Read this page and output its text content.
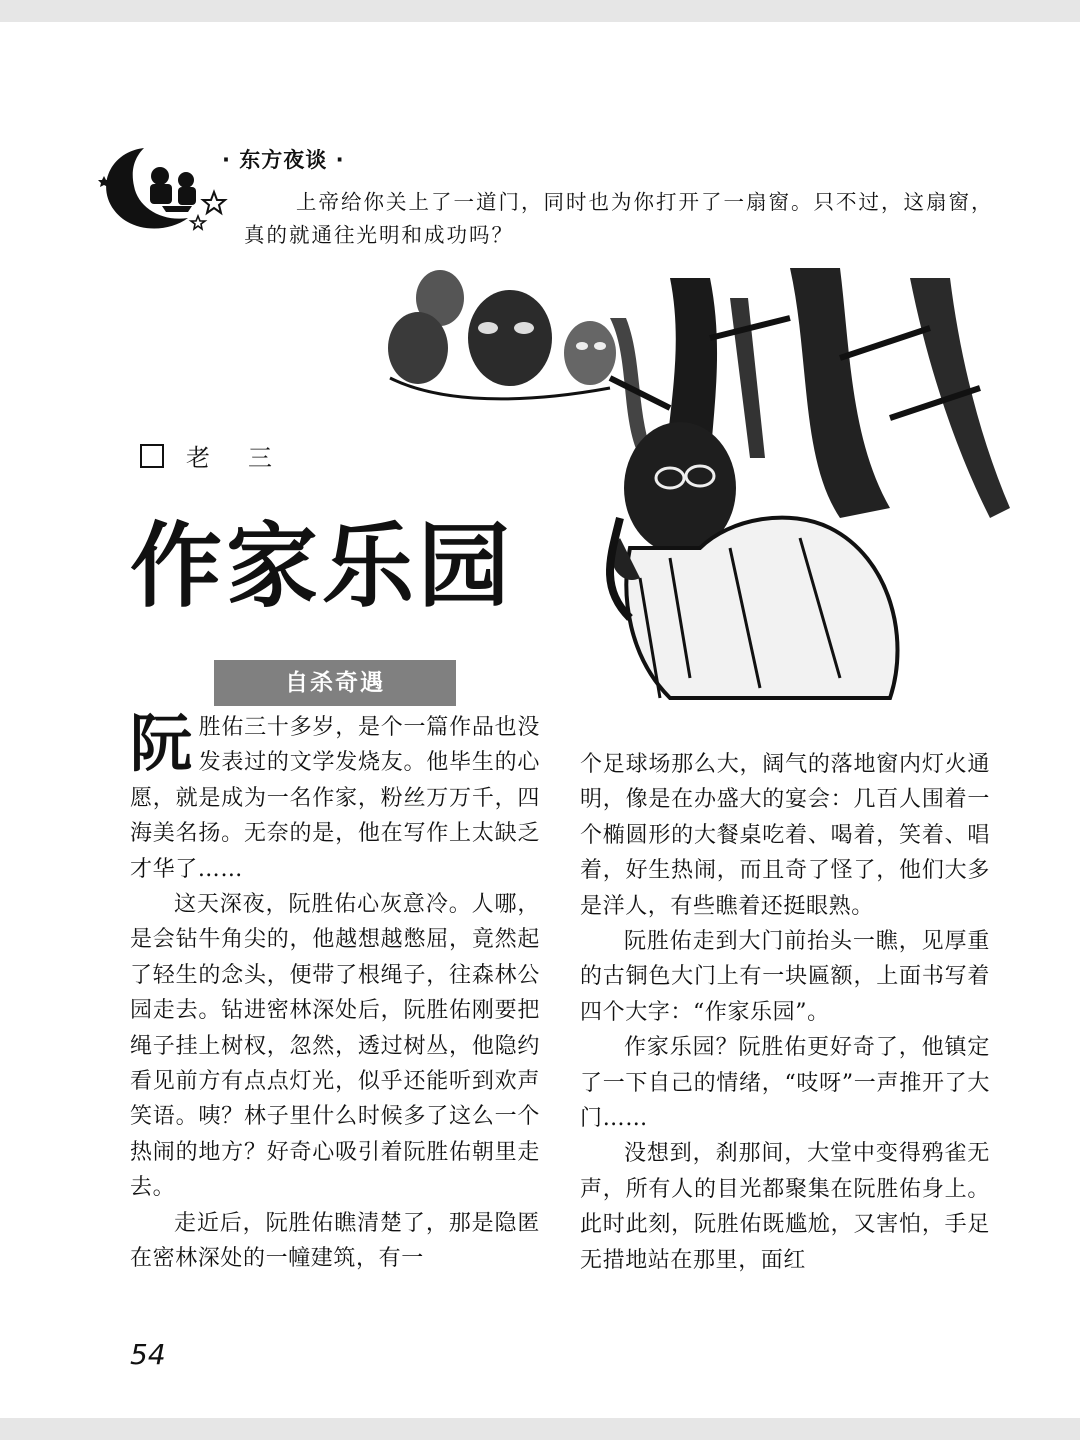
· 东方夜谈 ·
上帝给你关上了一道门，同时也为你打开了一扇窗。只不过，这扇窗，真的就通往光明和成功吗？
老三
作家乐园
自杀奇遇

阮胜佑三十多岁，是个一篇作品也没发表过的文学发烧友。他毕生的心愿，就是成为一名作家，粉丝万万千，四海美名扬。无奈的是，他在写作上太缺乏才华了……

这天深夜，阮胜佑心灰意冷。人哪，是会钻牛角尖的，他越想越憋屈，竟然起了轻生的念头，便带了根绳子，往森林公园走去。钻进密林深处后，阮胜佑刚要把绳子挂上树杈，忽然，透过树丛，他隐约看见前方有点点灯光，似乎还能听到欢声笑语。咦？林子里什么时候多了这么一个热闹的地方？好奇心吸引着阮胜佑朝里走去。

走近后，阮胜佑瞧清楚了，那是隐匿在密林深处的一幢建筑，有一

个足球场那么大，阔气的落地窗内灯火通明，像是在办盛大的宴会：几百人围着一个椭圆形的大餐桌吃着、喝着，笑着、唱着，好生热闹，而且奇了怪了，他们大多是洋人，有些瞧着还挺眼熟。

阮胜佑走到大门前抬头一瞧，见厚重的古铜色大门上有一块匾额，上面书写着四个大字：“作家乐园”。

作家乐园？阮胜佑更好奇了，他镇定了一下自己的情绪，“吱呀”一声推开了大门……

没想到，刹那间，大堂中变得鸦雀无声，所有人的目光都聚集在阮胜佑身上。此时此刻，阮胜佑既尴尬，又害怕，手足无措地站在那里，面红

54
